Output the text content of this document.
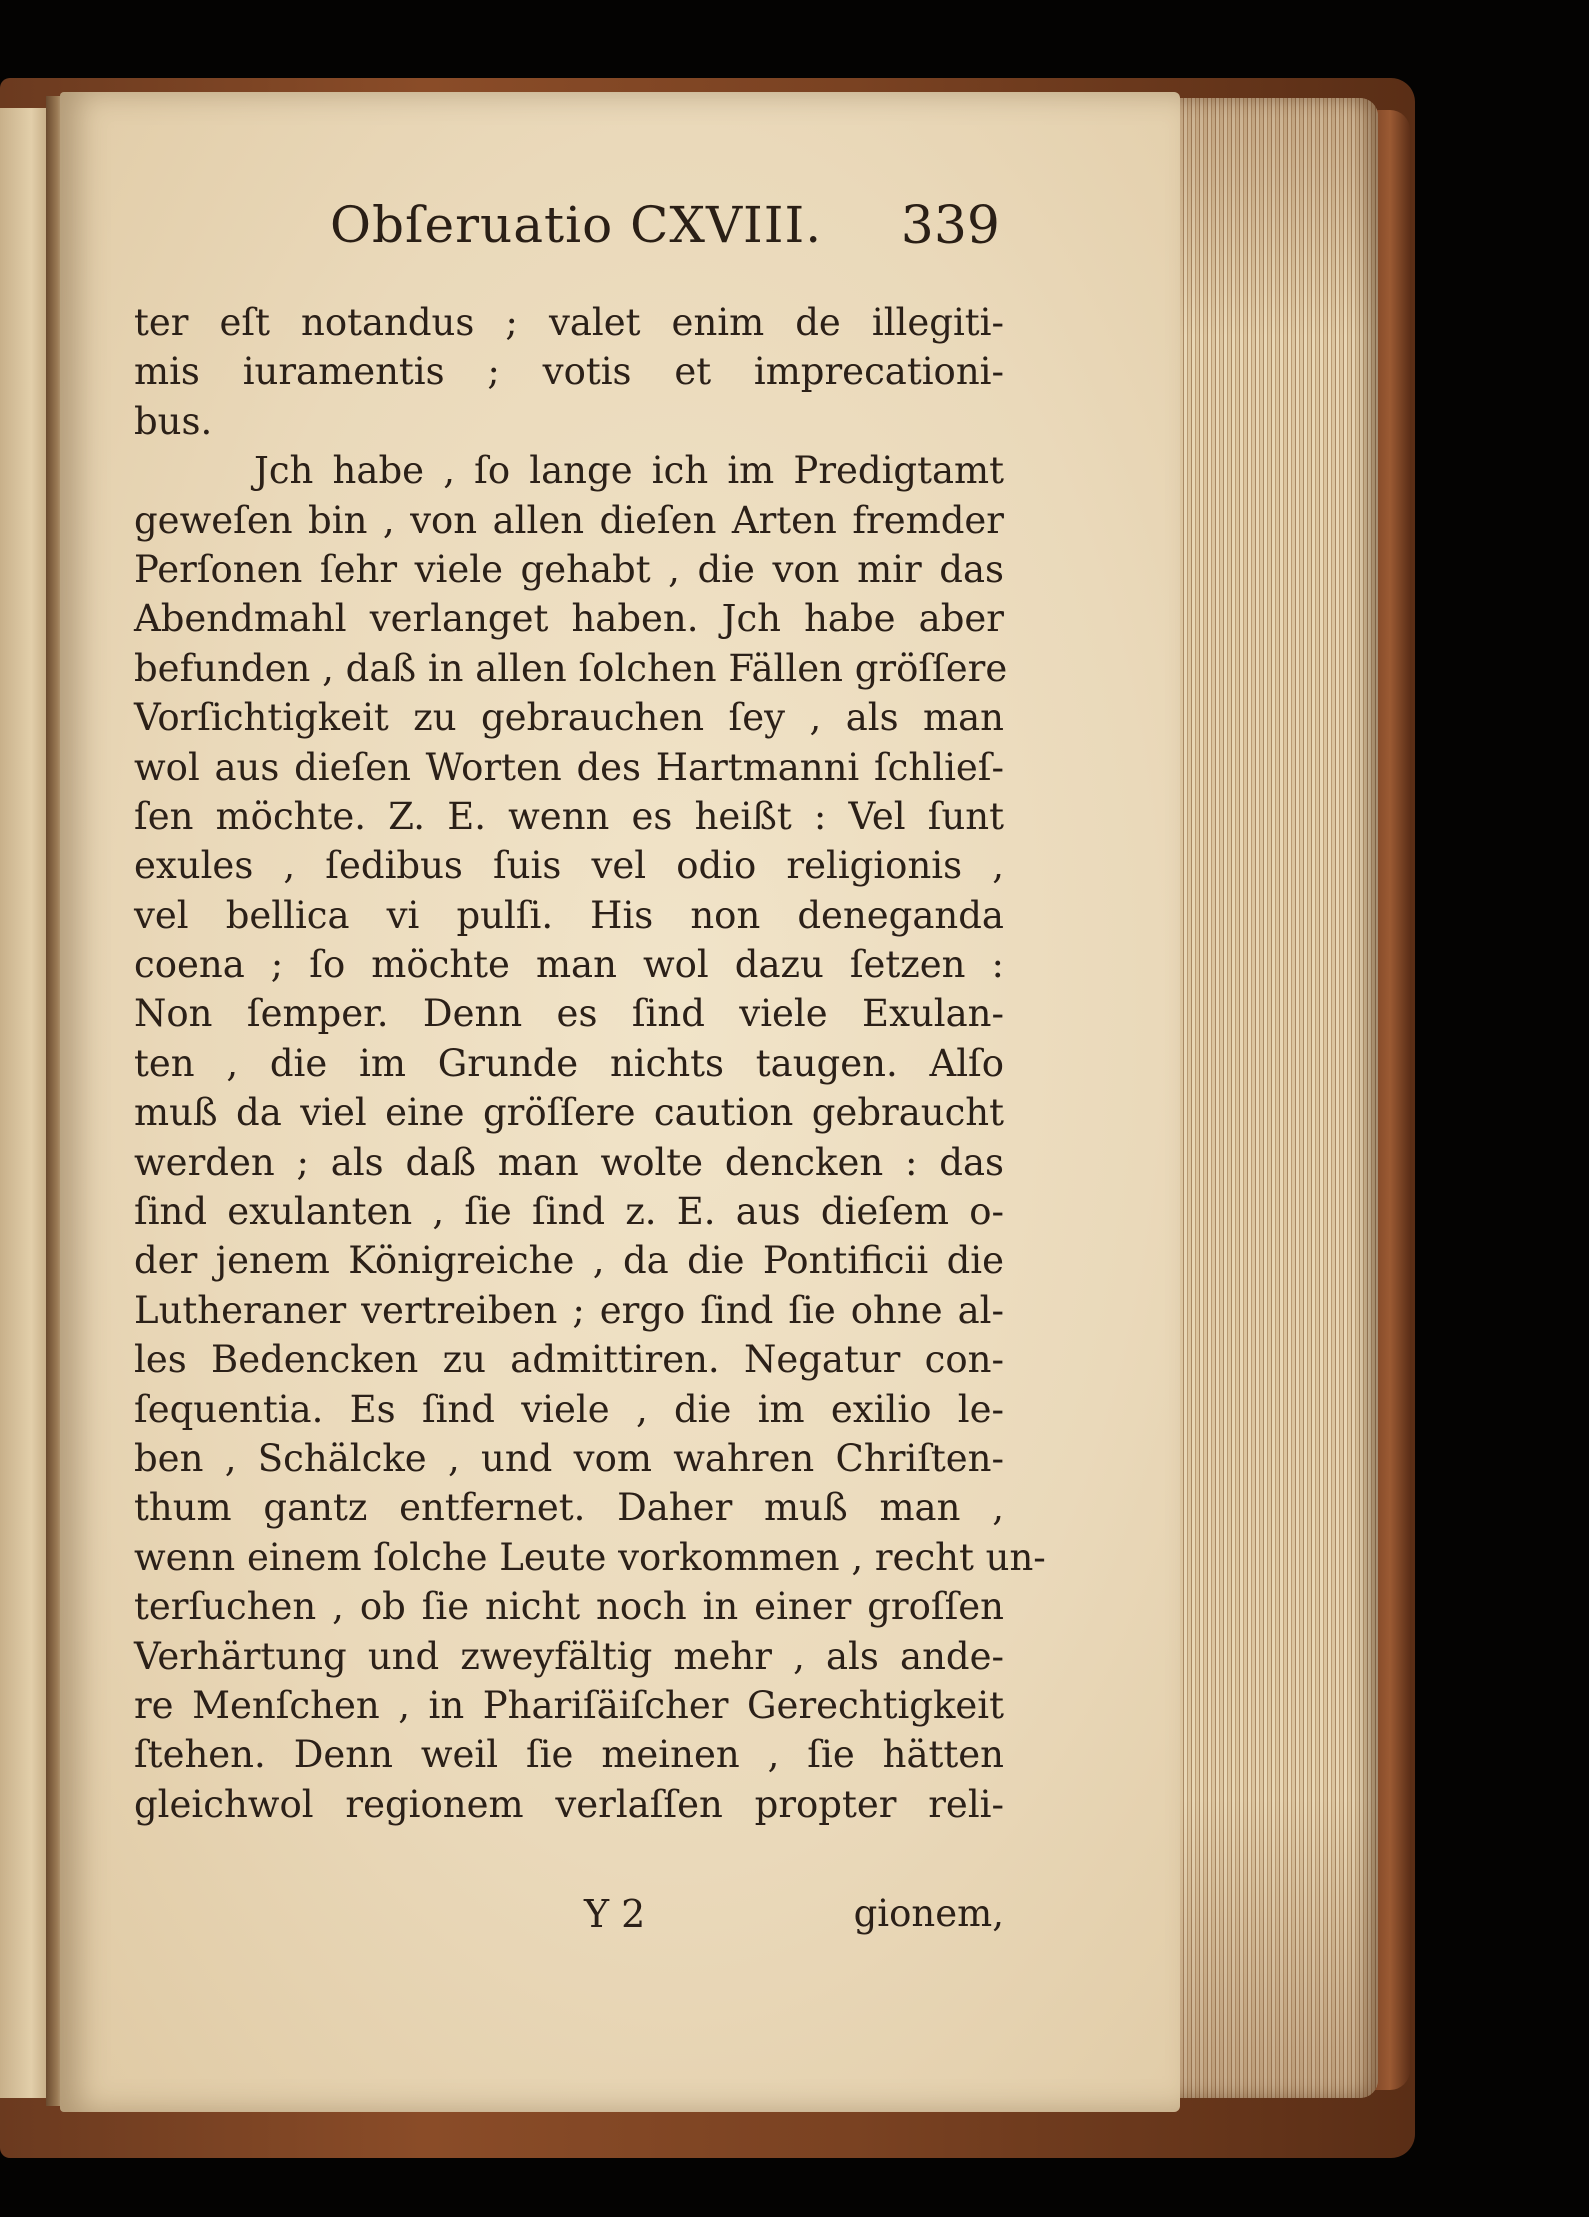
Obſeruatio CXVIII. 339
ter eſt notandus ; valet enim de illegiti-
mis iuramentis ; votis et imprecationi-
bus.
Jch habe , ſo lange ich im Predigtamt
geweſen bin , von allen dieſen Arten fremder
Perſonen ſehr viele gehabt , die von mir das
Abendmahl verlanget haben. Jch habe aber
befunden , daß in allen ſolchen Fällen gröſſere
Vorſichtigkeit zu gebrauchen ſey , als man
wol aus dieſen Worten des Hartmanni ſchlieſ-
ſen möchte. Z. E. wenn es heißt : Vel ſunt
exules , ſedibus ſuis vel odio religionis ,
vel bellica vi pulſi. His non deneganda
coena ; ſo möchte man wol dazu ſetzen :
Non ſemper. Denn es ſind viele Exulan-
ten , die im Grunde nichts taugen. Alſo
muß da viel eine gröſſere caution gebraucht
werden ; als daß man wolte dencken : das
ſind exulanten , ſie ſind z. E. aus dieſem o-
der jenem Königreiche , da die Pontificii die
Lutheraner vertreiben ; ergo ſind ſie ohne al-
les Bedencken zu admittiren. Negatur con-
ſequentia. Es ſind viele , die im exilio le-
ben , Schälcke , und vom wahren Chriſten-
thum gantz entfernet. Daher muß man ,
wenn einem ſolche Leute vorkommen , recht un-
terſuchen , ob ſie nicht noch in einer groſſen
Verhärtung und zweyfältig mehr , als ande-
re Menſchen , in Phariſäiſcher Gerechtigkeit
ſtehen. Denn weil ſie meinen , ſie hätten
gleichwol regionem verlaſſen propter reli-
Y 2	gionem,
